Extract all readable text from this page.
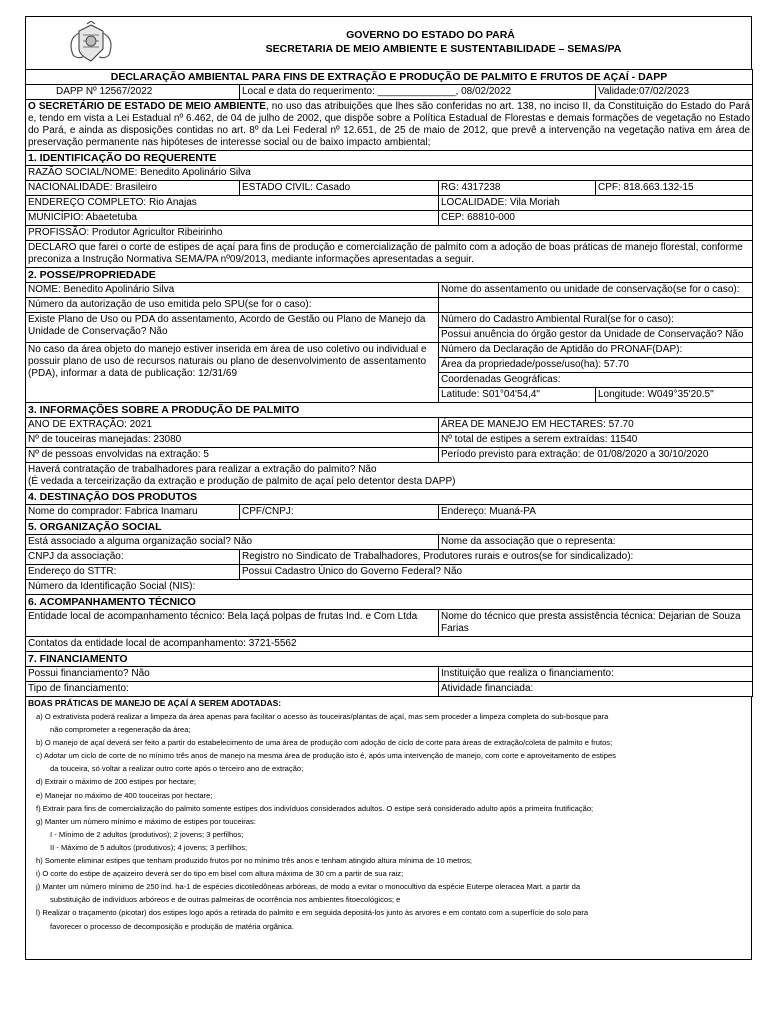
GOVERNO DO ESTADO DO PARÁ
SECRETARIA DE MEIO AMBIENTE E SUSTENTABILIDADE – SEMAS/PA
DECLARAÇÃO AMBIENTAL PARA FINS DE EXTRAÇÃO E PRODUÇÃO DE PALMITO E FRUTOS DE AÇAÍ - DAPP			
DAPP Nº 12567/2022	Local e data do requerimento: ______________, 08/02/2022		Validade:07/02/2023
O SECRETÁRIO DE ESTADO DE MEIO AMBIENTE, no uso das atribuições que lhes são conferidas no art. 138, no inciso II, da Constituição do Estado do Pará e, tendo em vista a Lei Estadual nº 6.462, de 04 de julho de 2002, que dispõe sobre a Política Estadual de Florestas e demais formações de vegetação no Estado do Pará, e ainda as disposições contidas no art. 8º da Lei Federal nº 12.651, de 25 de maio de 2012, que prevê a intervenção na vegetação nativa em área de preservação permanente nas hipóteses de interesse social ou de baixo impacto ambiental;			
1. IDENTIFICAÇÃO DO REQUERENTE			
RAZÃO SOCIAL/NOME: Benedito Apolinário Silva			
NACIONALIDADE: Brasileiro	ESTADO CIVIL: Casado	RG: 4317238	CPF: 818.663.132-15
ENDEREÇO COMPLETO: Rio Anajas		LOCALIDADE: Vila Moriah	
MUNICÍPIO: Abaetetuba		CEP: 68810-000	
PROFISSÃO: Produtor Agricultor Ribeirinho			
DECLARO que farei o corte de estipes de açaí para fins de produção e comercialização de palmito com a adoção de boas práticas de manejo florestal, conforme preconiza a Instrução Normativa SEMA/PA nº09/2013, mediante informações apresentadas a seguir.			
2. POSSE/PROPRIEDADE			
NOME: Benedito Apolinário Silva		Nome do assentamento ou unidade de conservação(se for o caso):	
Número da autorização de uso emitida pelo SPU(se for o caso):			
Existe Plano de Uso ou PDA do assentamento, Acordo de Gestão ou Plano de Manejo da Unidade de Conservação? Não		Número do Cadastro Ambiental Rural(se for o caso):	
		Possui anuência do órgão gestor da Unidade de Conservação? Não	
No caso da área objeto do manejo estiver inserida em área de uso coletivo ou individual e possuir plano de uso de recursos naturais ou plano de desenvolvimento de assentamento (PDA), informar a data de publicação: 12/31/69		Número da Declaração de Aptidão do PRONAF(DAP):	
		Área da propriedade/posse/uso(ha): 57.70	
		Coordenadas Geográficas:	
		Latitude: S01°04'54,4"	Longitude: W049°35'20.5"
3. INFORMAÇÕES SOBRE A PRODUÇÃO DE PALMITO			
ANO DE EXTRAÇÃO: 2021		ÁREA DE MANEJO EM HECTARES: 57.70	
Nº de touceiras manejadas: 23080		Nº total de estipes a serem extraídas: 11540	
Nº de pessoas envolvidas na extração: 5		Período previsto para extração: de 01/08/2020 a 30/10/2020	
Haverá contratação de trabalhadores para realizar a extração do palmito? Não
(É vedada a terceirização da extração e produção de palmito de açaí pelo detentor desta DAPP)			
4. DESTINAÇÃO DOS PRODUTOS			
Nome do comprador: Fabrica Inamaru	CPF/CNPJ:	Endereço: Muaná-PA	
5. ORGANIZAÇÃO SOCIAL			
Está associado a alguma organização social? Não		Nome da associação que o representa:	
CNPJ da associação:	Registro no Sindicato de Trabalhadores, Produtores rurais e outros(se for sindicalizado):		
Endereço do STTR:	Possui Cadastro Único do Governo Federal? Não		
Número da Identificação Social (NIS):			
6. ACOMPANHAMENTO TÉCNICO			
Entidade local de acompanhamento técnico: Bela Iaçá polpas de frutas Ind. e Com Ltda		Nome do técnico que presta assistência técnica: Dejarian de Souza Farias	
Contatos da entidade local de acompanhamento: 3721-5562			
7. FINANCIAMENTO			
Possui financiamento? Não		Instituição que realiza o financiamento:	
Tipo de financiamento:		Atividade financiada:	
BOAS PRÁTICAS DE MANEJO DE AÇAÍ A SEREM ADOTADAS:
a) O extrativista poderá realizar a limpeza da área apenas para facilitar o acesso às touceiras/plantas de açaí, mas sem proceder a limpeza completa do sub-bosque para
não comprometer a regeneração da área;
b) O manejo de açaí deverá ser feito a partir do estabelecimento de uma área de produção com adoção de ciclo de corte para áreas de extração/coleta de palmito e frutos;
c) Adotar um ciclo de corte de no mínimo três anos de manejo na mesma área de produção isto é, após uma intervenção de manejo, com corte e aproveitamento de estipes
da touceira, só voltar a realizar outro corte após o terceiro ano de extração;
d) Extrair o máximo de 200 estipes por hectare;
e) Manejar no máximo de 400 touceiras por hectare;
f) Extrair para fins de comercialização do palmito somente estipes dos indivíduos considerados adultos. O estipe será considerado adulto após a primeira frutificação;
g) Manter um número mínimo e máximo de estipes por touceiras:
I - Mínimo de 2 adultos (produtivos); 2 jovens; 3 perfilhos;
II - Máximo de 5 adultos (produtivos); 4 jovens; 3 perfilhos;
h) Somente eliminar estipes que tenham produzido frutos por no mínimo três anos e tenham atingido altura mínima de 10 metros;
i) O corte do estipe de açaizeiro deverá ser do tipo em bisel com altura máxima de 30 cm a partir de sua raiz;
j) Manter um número mínimo de 250 ind. ha-1 de espécies dicotiledôneas arbóreas, de modo a evitar o monocultivo da espécie Euterpe oleracea Mart. a partir da
substituição de indivíduos arbóreos e de outras palmeiras de ocorrência nos ambientes fitoecológicos; e
l) Realizar o traçamento (picotar) dos estipes logo após a retirada do palmito e em seguida depositá-los junto às arvores e em contato com a superfície do solo para
favorecer o processo de decomposição e produção de matéria orgânica.
